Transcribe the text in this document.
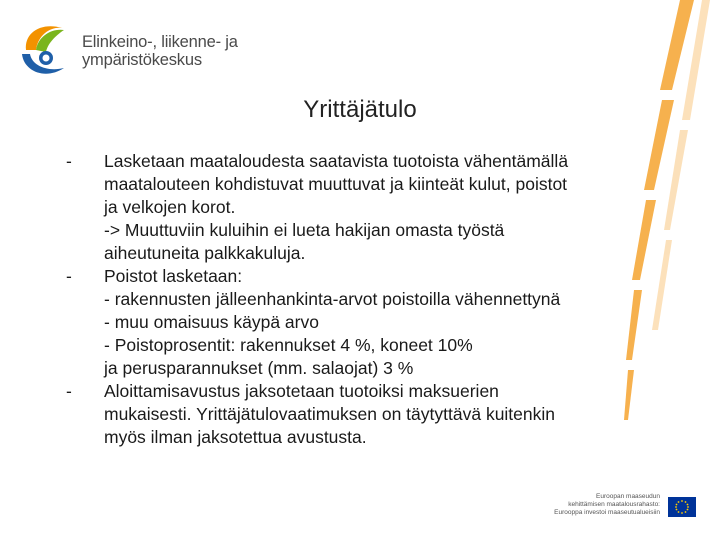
Elinkeino-, liikenne- ja
ympäristökeskus
Yrittäjätulo
-	Lasketaan maataloudesta saatavista tuotoista vähentämällä
maatalouteen kohdistuvat muuttuvat ja kiinteät kulut, poistot
ja velkojen korot.
-> Muuttuviin kuluihin ei lueta hakijan omasta työstä
aiheutuneita palkkakuluja.
-	Poistot lasketaan:
- rakennusten jälleenhankinta-arvot poistoilla vähennettynä
- muu omaisuus käypä arvo
- Poistoprosentit: rakennukset 4 %, koneet 10%
ja perusparannukset (mm. salaojat) 3 %
-	Aloittamisavustus jaksotetaan tuotoiksi maksuerien
mukaisesti. Yrittäjätulovaatimuksen on täytyttävä kuitenkin
myös ilman jaksotettua avustusta.
Euroopan maaseudun
kehittämisen maatalousrahasto:
Eurooppa investoi maaseutualueisiin
